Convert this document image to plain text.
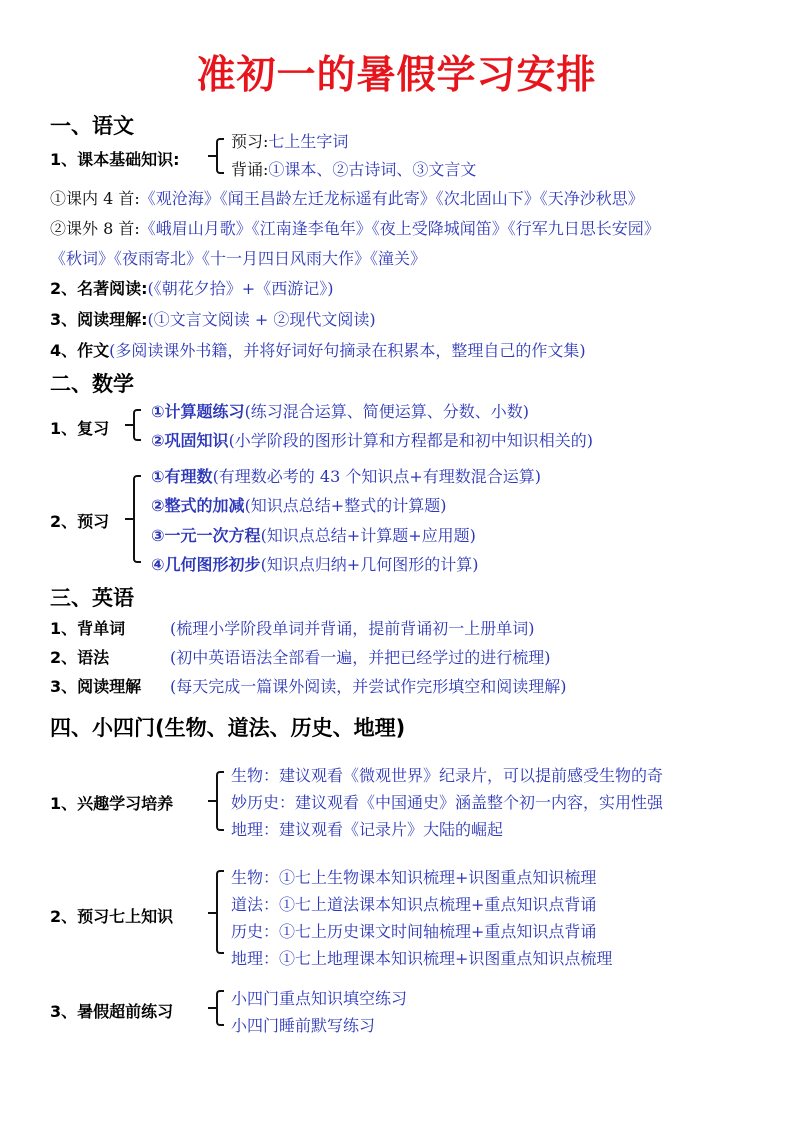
准初一的暑假学习安排
一、语文
1、课本基础知识:
预习:七上生字词
背诵:①课本、②古诗词、③文言文
①课内 4 首:《观沧海》《闻王昌龄左迁龙标遥有此寄》《次北固山下》《天净沙秋思》
②课外 8 首:《峨眉山月歌》《江南逢李龟年》《夜上受降城闻笛》《行军九日思长安园》
《秋词》《夜雨寄北》《十一月四日风雨大作》《潼关》
2、名著阅读:(《朝花夕拾》+《西游记》)
3、阅读理解:(①文言文阅读 + ②现代文阅读)
4、作文(多阅读课外书籍，并将好词好句摘录在积累本，整理自己的作文集)
二、数学
1、复习
①计算题练习(练习混合运算、简便运算、分数、小数)
②巩固知识(小学阶段的图形计算和方程都是和初中知识相关的)
2、预习
①有理数(有理数必考的 43 个知识点+有理数混合运算)
②整式的加减(知识点总结+整式的计算题)
③一元一次方程(知识点总结+计算题+应用题)
④几何图形初步(知识点归纳+几何图形的计算)
三、英语
1、背单词	(梳理小学阶段单词并背诵，提前背诵初一上册单词)
2、语法	(初中英语语法全部看一遍，并把已经学过的进行梳理)
3、阅读理解 (每天完成一篇课外阅读，并尝试作完形填空和阅读理解)
四、小四门(生物、道法、历史、地理)
1、兴趣学习培养
生物：建议观看《微观世界》纪录片，可以提前感受生物的奇
妙历史：建议观看《中国通史》涵盖整个初一内容，实用性强
地理：建议观看《记录片》大陆的崛起
2、预习七上知识
生物：①七上生物课本知识梳理+识图重点知识梳理
道法：①七上道法课本知识点梳理+重点知识点背诵
历史：①七上历史课文时间轴梳理+重点知识点背诵
地理：①七上地理课本知识梳理+识图重点知识点梳理
3、暑假超前练习
小四门重点知识填空练习
小四门睡前默写练习
